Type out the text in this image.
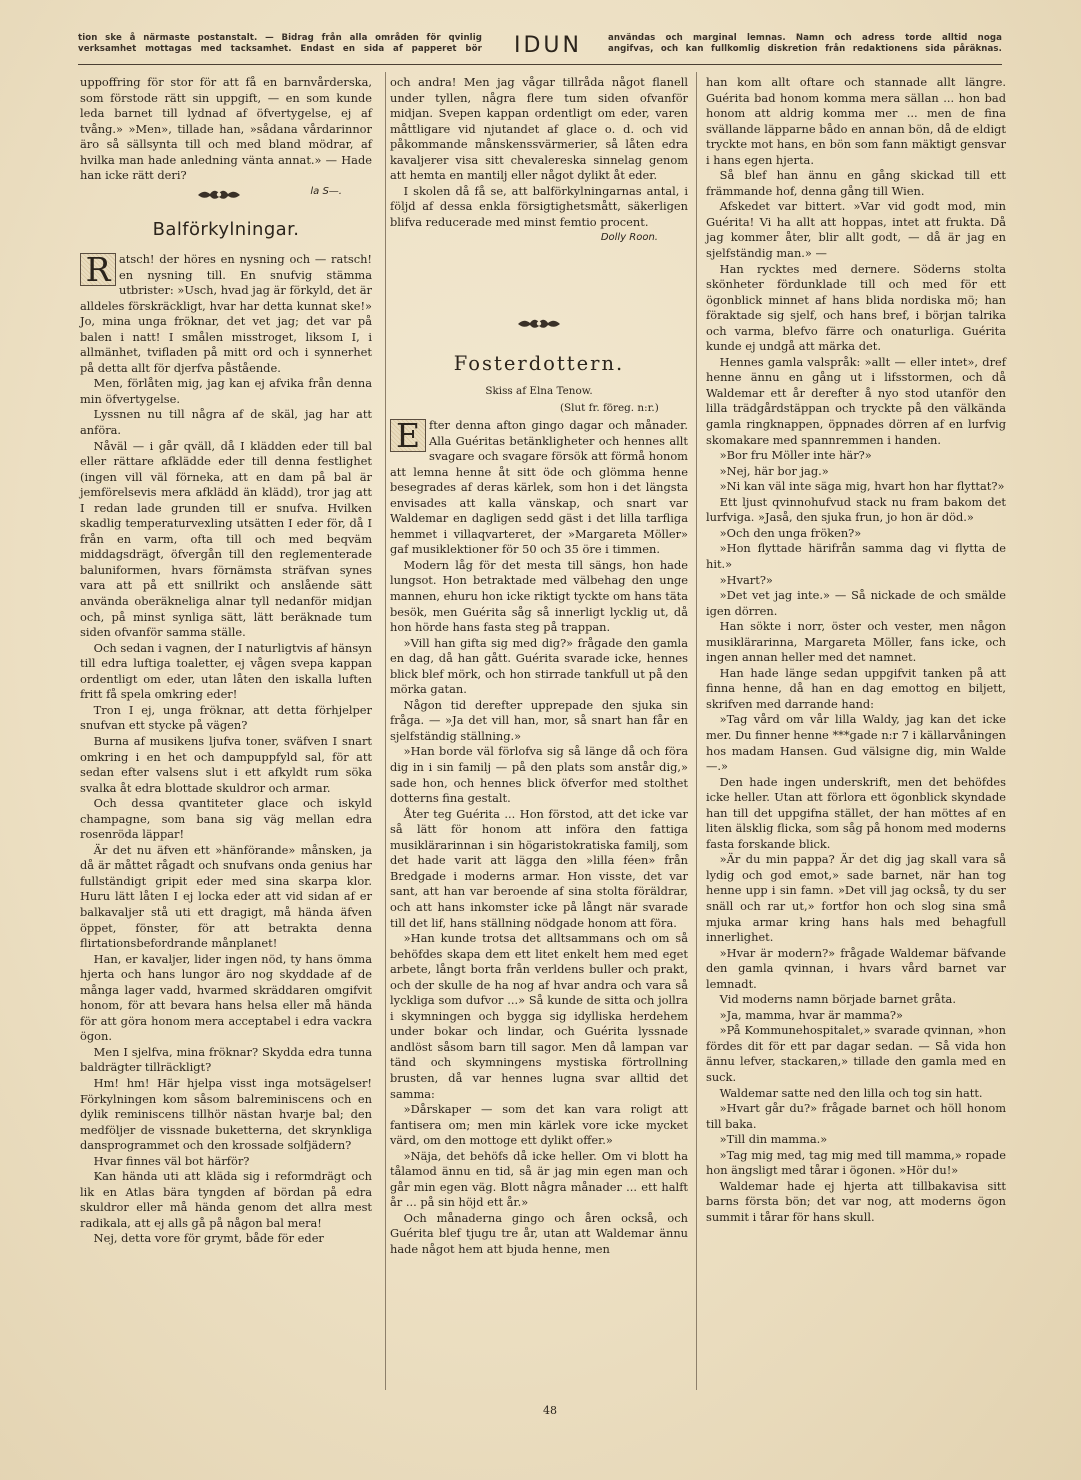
tion ske å närmaste postanstalt. — Bidrag från alla områden för qvinlig
verksamhet mottagas med tacksamhet. Endast en sida af papperet bör	IDUN	användas och marginal lemnas. Namn och adress torde alltid noga
angifvas, och kan fullkomlig diskretion från redaktionens sida påräknas.

uppoffring för stor för att få en barnvårderska, som förstode rätt sin uppgift, — en som kunde leda barnet till lydnad af öfvertygelse, ej af tvång.» »Men», tillade han, »sådana vårdarinnor äro så sällsynta till och med bland mödrar, af hvilka man hade anledning vänta annat.» — Hade han icke rätt deri?

la S—.
Balförkylningar.

R atsch! der höres en nysning och — ratsch! en nysning till. En snufvig stämma utbrister: »Usch, hvad jag är förkyld, det är alldeles förskräckligt, hvar har detta kunnat ske!» Jo, mina unga fröknar, det vet jag; det var på balen i natt! I smålen misstroget, liksom I, i allmänhet, tvifladen på mitt ord och i synnerhet på detta allt för djerfva påstående.

Men, förlåten mig, jag kan ej afvika från denna min öfvertygelse.

Lyssnen nu till några af de skäl, jag har att anföra.

Nåväl — i går qväll, då I klädden eder till bal eller rättare afklädde eder till denna festlighet (ingen vill väl förneka, att en dam på bal är jemförelsevis mera afklädd än klädd), tror jag att I redan lade grunden till er snufva. Hvilken skadlig temperaturvexling utsätten I eder för, då I från en varm, ofta till och med beqväm middagsdrägt, öfvergån till den reglementerade baluniformen, hvars förnämsta sträfvan synes vara att på ett snillrikt och anslående sätt använda oberäkneliga alnar tyll nedanför midjan och, på minst synliga sätt, lätt beräknade tum siden ofvanför samma ställe.

Och sedan i vagnen, der I naturligtvis af hänsyn till edra luftiga toaletter, ej vågen svepa kappan ordentligt om eder, utan låten den iskalla luften fritt få spela omkring eder!

Tron I ej, unga fröknar, att detta förhjelper snufvan ett stycke på vägen?

Burna af musikens ljufva toner, sväfven I snart omkring i en het och dampuppfyld sal, för att sedan efter valsens slut i ett afkyldt rum söka svalka åt edra blottade skuldror och armar.

Och dessa qvantiteter glace och iskyld champagne, som bana sig väg mellan edra rosenröda läppar!

Är det nu äfven ett »hänförande» månsken, ja då är måttet rågadt och snufvans onda genius har fullständigt gripit eder med sina skarpa klor. Huru lätt låten I ej locka eder att vid sidan af er balkavaljer stå uti ett dragigt, må hända äfven öppet, fönster, för att betrakta denna flirtationsbefordrande månplanet!

Han, er kavaljer, lider ingen nöd, ty hans ömma hjerta och hans lungor äro nog skyddade af de många lager vadd, hvarmed skräddaren omgifvit honom, för att bevara hans helsa eller må hända för att göra honom mera acceptabel i edra vackra ögon.

Men I sjelfva, mina fröknar? Skydda edra tunna baldrägter tillräckligt?

Hm! hm! Här hjelpa visst inga motsägelser! Förkylningen kom såsom balreminiscens och en dylik reminiscens tillhör nästan hvarje bal; den medföljer de vissnade buketterna, det skrynkliga dansprogrammet och den krossade solfjädern?

Hvar finnes väl bot härför?

Kan hända uti att kläda sig i reformdrägt och lik en Atlas bära tyngden af bördan på edra skuldror eller må hända genom det allra mest radikala, att ej alls gå på någon bal mera!

Nej, detta vore för grymt, både för eder

och andra! Men jag vågar tillråda något flanell under tyllen, några flere tum siden ofvanför midjan. Svepen kappan ordentligt om eder, varen måttligare vid njutandet af glace o. d. och vid påkommande månskenssvärmerier, så låten edra kavaljerer visa sitt chevalereska sinnelag genom att hemta en mantilj eller något dylikt åt eder.

I skolen då få se, att balförkylningarnas antal, i följd af dessa enkla försigtighetsmått, säkerligen blifva reducerade med minst femtio procent.

Dolly Roon.
Fosterdottern.
Skiss af Elna Tenow.
(Slut fr. föreg. n:r.)

E fter denna afton gingo dagar och månader. Alla Guéritas betänkligheter och hennes allt svagare och svagare försök att förmå honom att lemna henne åt sitt öde och glömma henne besegrades af deras kärlek, som hon i det längsta envisades att kalla vänskap, och snart var Waldemar en dagligen sedd gäst i det lilla tarfliga hemmet i villaqvarteret, der »Margareta Möller» gaf musiklektioner för 50 och 35 öre i timmen.

Modern låg för det mesta till sängs, hon hade lungsot. Hon betraktade med välbehag den unge mannen, ehuru hon icke riktigt tyckte om hans täta besök, men Guérita såg så innerligt lycklig ut, då hon hörde hans fasta steg på trappan.

»Vill han gifta sig med dig?» frågade den gamla en dag, då han gått. Guérita svarade icke, hennes blick blef mörk, och hon stirrade tankfull ut på den mörka gatan.

Någon tid derefter upprepade den sjuka sin fråga. — »Ja det vill han, mor, så snart han får en sjelfständig ställning.»

»Han borde väl förlofva sig så länge då och föra dig in i sin familj — på den plats som anstår dig,» sade hon, och hennes blick öfverfor med stolthet dotterns fina gestalt.

Åter teg Guérita ... Hon förstod, att det icke var så lätt för honom att införa den fattiga musiklärarinnan i sin högaristokratiska familj, som det hade varit att lägga den »lilla féen» från Bredgade i moderns armar. Hon visste, det var sant, att han var beroende af sina stolta föräldrar, och att hans inkomster icke på långt när svarade till det lif, hans ställning nödgade honom att föra.

»Han kunde trotsa det alltsammans och om så behöfdes skapa dem ett litet enkelt hem med eget arbete, långt borta från verldens buller och prakt, och der skulle de ha nog af hvar andra och vara så lyckliga som dufvor ...» Så kunde de sitta och jollra i skymningen och bygga sig idylliska herdehem under bokar och lindar, och Guérita lyssnade andlöst såsom barn till sagor. Men då lampan var tänd och skymningens mystiska förtrollning brusten, då var hennes lugna svar alltid det samma:

»Dårskaper — som det kan vara roligt att fantisera om; men min kärlek vore icke mycket värd, om den mottoge ett dylikt offer.»

»Näja, det behöfs då icke heller. Om vi blott ha tålamod ännu en tid, så är jag min egen man och går min egen väg. Blott några månader ... ett halft år ... på sin höjd ett år.»

Och månaderna gingo och åren också, och Guérita blef tjugu tre år, utan att Waldemar ännu hade något hem att bjuda henne, men

han kom allt oftare och stannade allt längre. Guérita bad honom komma mera sällan ... hon bad honom att aldrig komma mer ... men de fina svällande läpparne bådo en annan bön, då de eldigt tryckte mot hans, en bön som fann mäktigt gensvar i hans egen hjerta.

Så blef han ännu en gång skickad till ett främmande hof, denna gång till Wien.

Afskedet var bittert. »Var vid godt mod, min Guérita! Vi ha allt att hoppas, intet att frukta. Då jag kommer åter, blir allt godt, — då är jag en sjelfständig man.» —

Han rycktes med dernere. Söderns stolta skönheter fördunklade till och med för ett ögonblick minnet af hans blida nordiska mö; han föraktade sig sjelf, och hans bref, i början talrika och varma, blefvo färre och onaturliga. Guérita kunde ej undgå att märka det.

Hennes gamla valspråk: »allt — eller intet», dref henne ännu en gång ut i lifsstormen, och då Waldemar ett år derefter å nyo stod utanför den lilla trädgårdstäppan och tryckte på den välkända gamla ringknappen, öppnades dörren af en lurfvig skomakare med spannremmen i handen.

»Bor fru Möller inte här?»

»Nej, här bor jag.»

»Ni kan väl inte säga mig, hvart hon har flyttat?»

Ett ljust qvinnohufvud stack nu fram bakom det lurfviga. »Jaså, den sjuka frun, jo hon är död.»

»Och den unga fröken?»

»Hon flyttade härifrån samma dag vi flytta de hit.»

»Hvart?»

»Det vet jag inte.» — Så nickade de och smälde igen dörren.

Han sökte i norr, öster och vester, men någon musiklärarinna, Margareta Möller, fans icke, och ingen annan heller med det namnet.

Han hade länge sedan uppgifvit tanken på att finna henne, då han en dag emottog en biljett, skrifven med darrande hand:

»Tag vård om vår lilla Waldy, jag kan det icke mer. Du finner henne ***gade n:r 7 i källarvåningen hos madam Hansen. Gud välsigne dig, min Walde —.»

Den hade ingen underskrift, men det behöfdes icke heller. Utan att förlora ett ögonblick skyndade han till det uppgifna stället, der han möttes af en liten älsklig flicka, som såg på honom med moderns fasta forskande blick.

»Är du min pappa? Är det dig jag skall vara så lydig och god emot,» sade barnet, när han tog henne upp i sin famn. »Det vill jag också, ty du ser snäll och rar ut,» fortfor hon och slog sina små mjuka armar kring hans hals med behagfull innerlighet.

»Hvar är modern?» frågade Waldemar bäfvande den gamla qvinnan, i hvars vård barnet var lemnadt.

Vid moderns namn började barnet gråta.

»Ja, mamma, hvar är mamma?»

»På Kommunehospitalet,» svarade qvinnan, »hon fördes dit för ett par dagar sedan. — Så vida hon ännu lefver, stackaren,» tillade den gamla med en suck.

Waldemar satte ned den lilla och tog sin hatt.

»Hvart går du?» frågade barnet och höll honom till baka.

»Till din mamma.»

»Tag mig med, tag mig med till mamma,» ropade hon ängsligt med tårar i ögonen. »Hör du!»

Waldemar hade ej hjerta att tillbakavisa sitt barns första bön; det var nog, att moderns ögon summit i tårar för hans skull.

48
